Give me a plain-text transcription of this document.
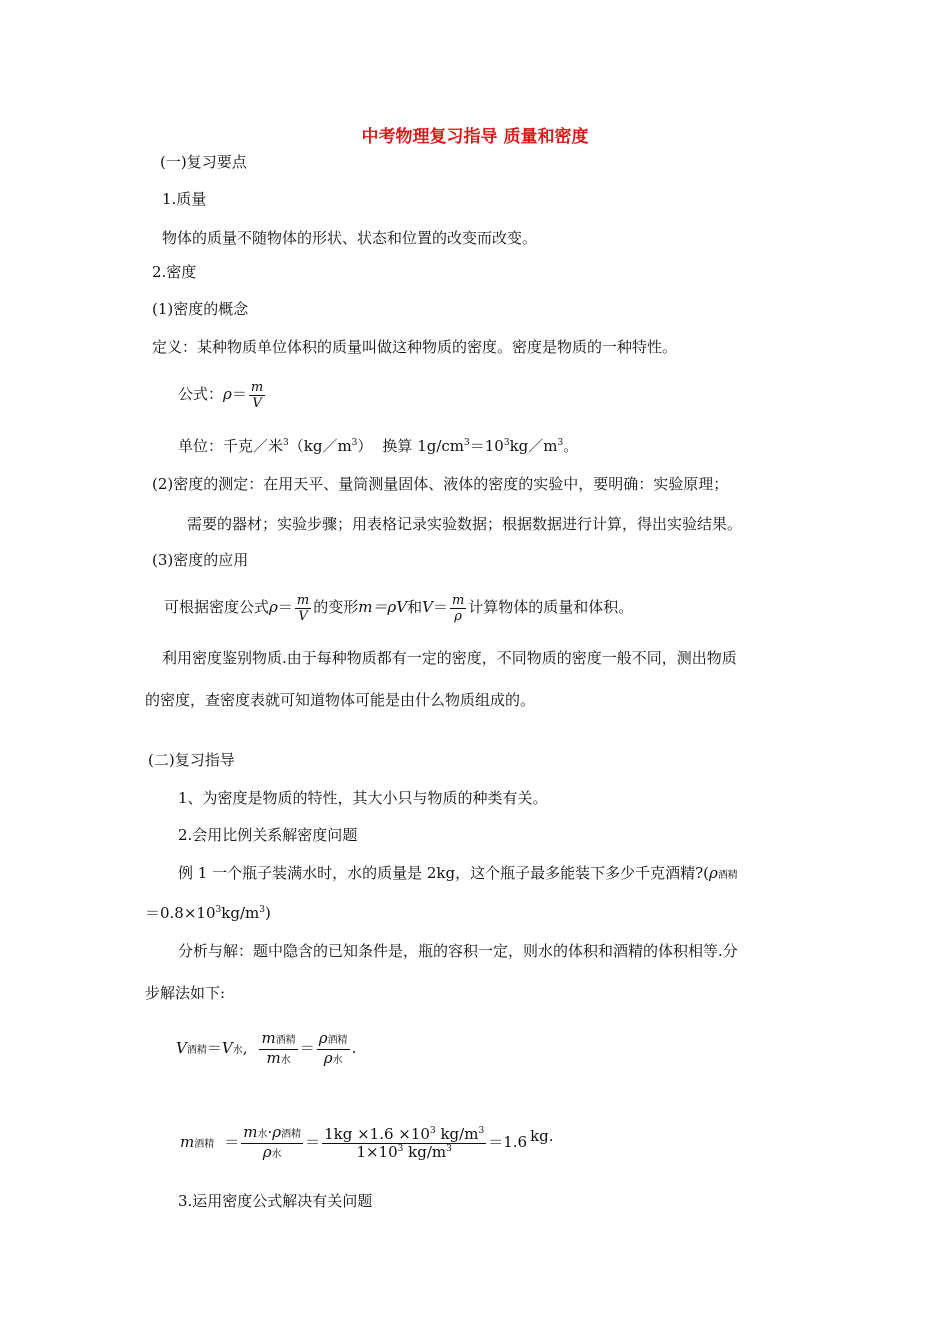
中考物理复习指导 质量和密度
(一)复习要点
1.质量
物体的质量不随物体的形状、状态和位置的改变而改变。
2.密度
(1)密度的概念
定义：某种物质单位体积的质量叫做这种物质的密度。密度是物质的一种特性。
公式：$\rho= \frac{m}{V}$
单位：千克／米$^3(kg/m^3)$ 换算 $1g/cm^3=10^3kg/m^3$。
(2)密度的测定：在用天平、量筒测量固体、液体的密度的实验中，要明确：实验原理；
需要的器材；实验步骤；用表格记录实验数据；根据数据进行计算，得出实验结果。
(3)密度的应用
可根据密度公式$\rho= \frac{m}{V}$ 的变形m＝ρV和$V= \frac{m}{\rho}$ 计算物体的质量和体积。
利用密度鉴别物质.由于每种物质都有一定的密度，不同物质的密度一般不同，测出物质
的密度，查密度表就可知道物体可能是由什么物质组成的。
(二)复习指导
1、为密度是物质的特性，其大小只与物质的种类有关。
2.会用比例关系解密度问题
例 1 一个瓶子装满水时，水的质量是 2kg，这个瓶子最多能装下多少千克酒精?(ρ酒精
$=0.8\times 10^3kg/m^3$)
分析与解：题中隐含的已知条件是，瓶的容积一定，则水的体积和酒精的体积相等.分
步解法如下:
V酒精＝V水, $\frac{\text{m酒精}}{\text{m水}} = \frac{\text{ρ酒精}}{\text{ρ水}}$ .
m酒精 ＝ $\frac{\text{m水·ρ酒精}}{\text{ρ水}} = \frac{1kg \times 1.6 \times 10^3 kg/m^3}{1\times 10^3 kg/m^3} =1.6$ kg.
3.运用密度公式解决有关问题
